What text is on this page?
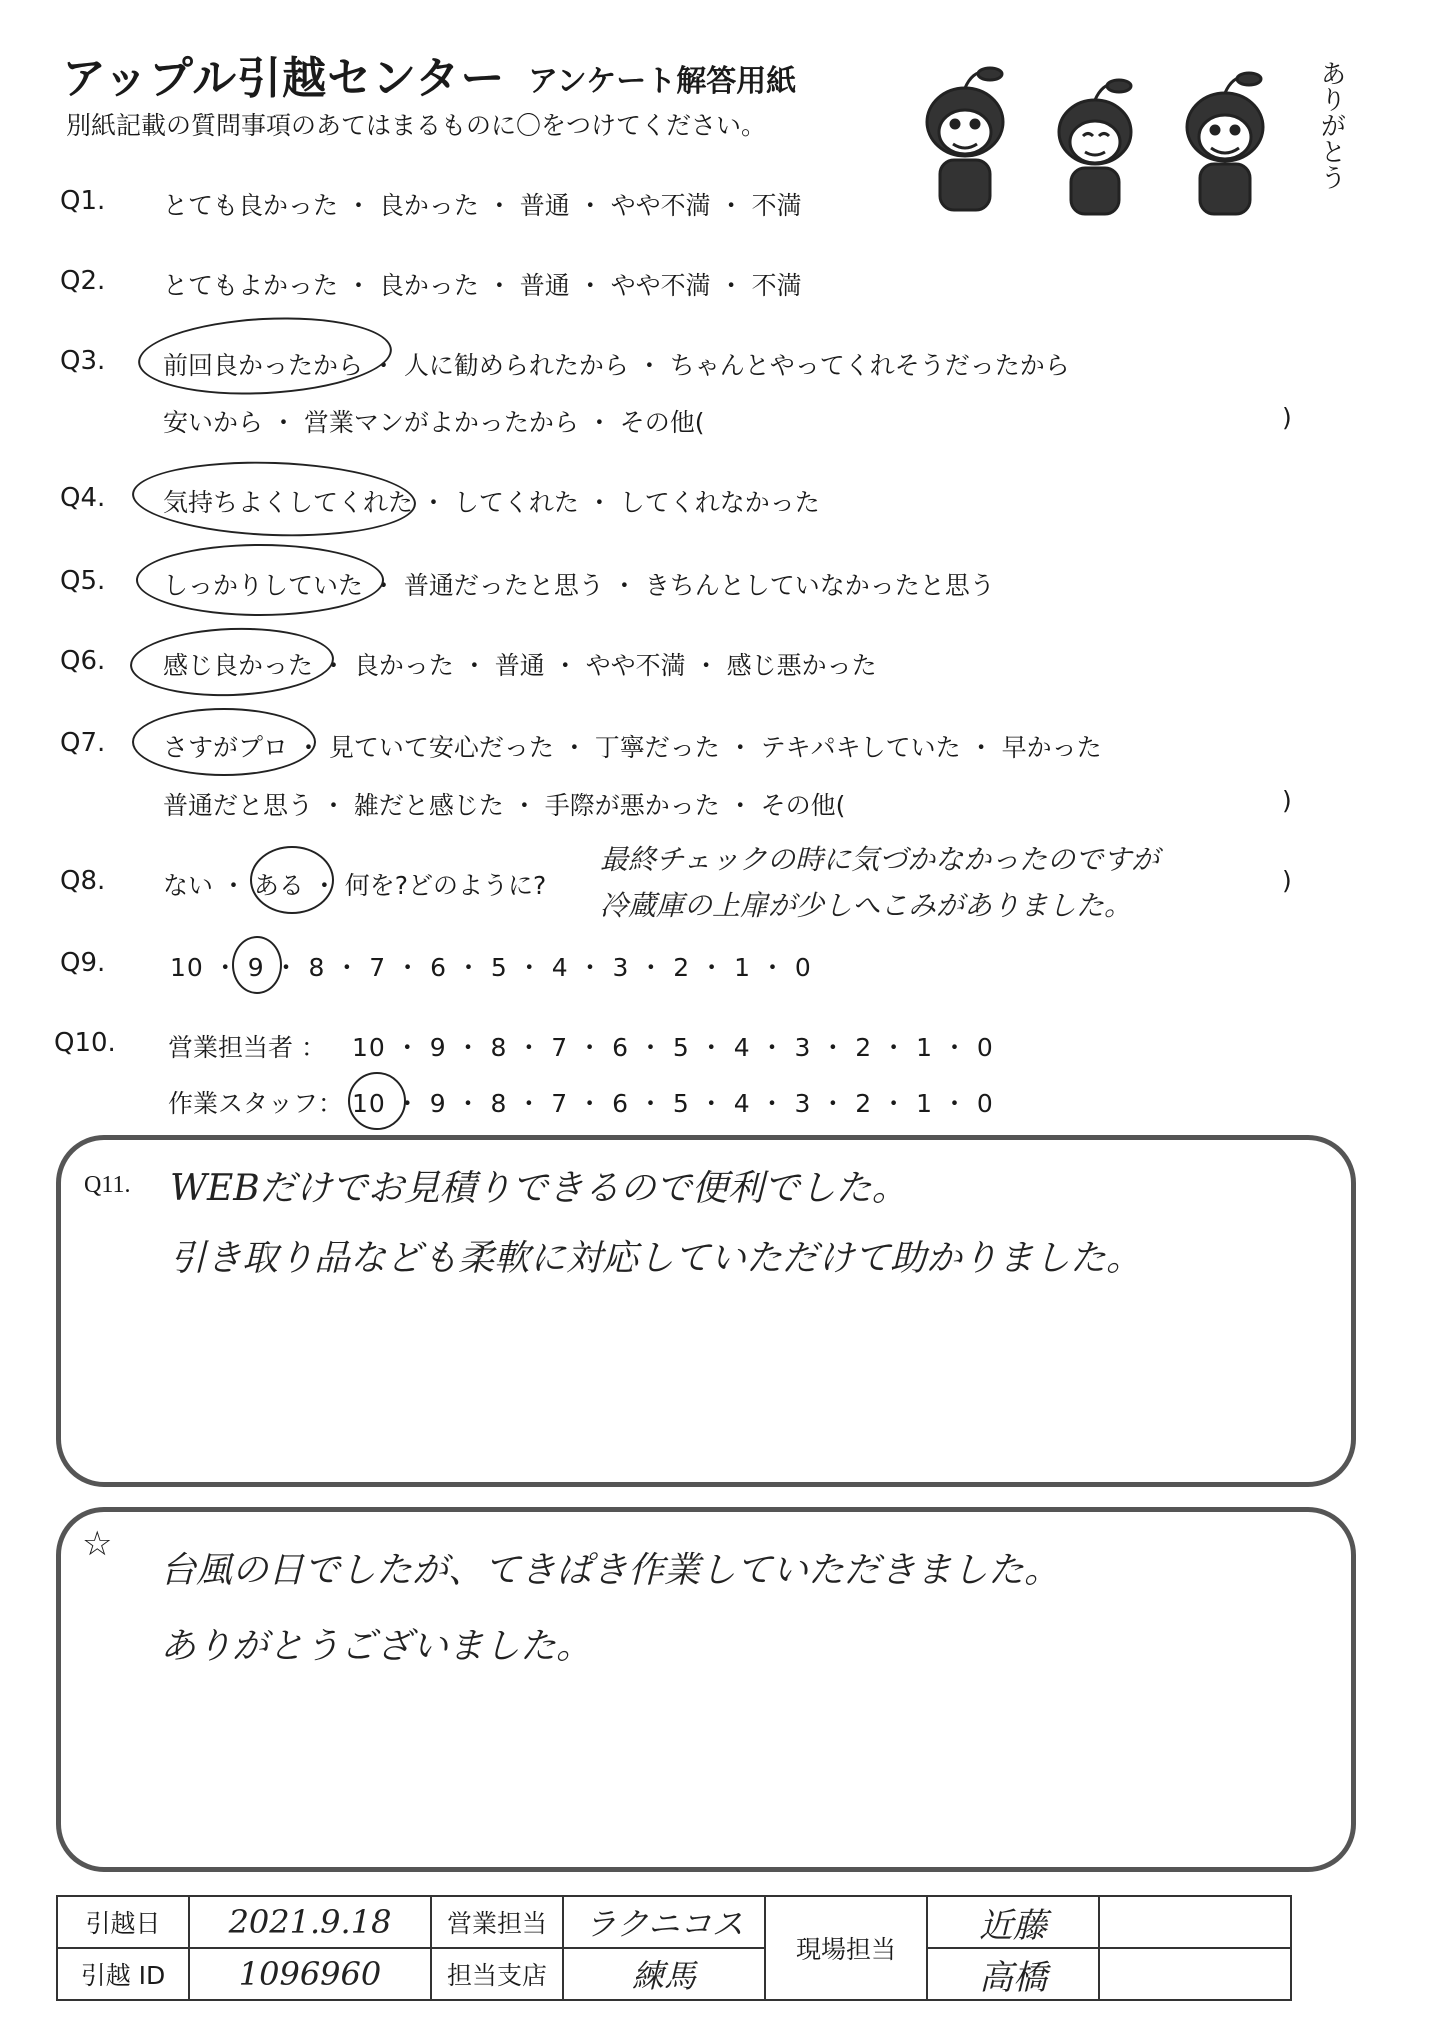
アップル引越センター アンケート解答用紙
別紙記載の質問事項のあてはまるものに〇をつけてください。	ありがとう
Q1. とても良かった ・ 良かった ・ 普通 ・ やや不満 ・ 不満
Q2. とてもよかった ・ 良かった ・ 普通 ・ やや不満 ・ 不満
Q3. 前回良かったから ・ 人に勧められたから ・ ちゃんとやってくれそうだったから
安いから ・ 営業マンがよかったから ・ その他(	)
Q4. 気持ちよくしてくれた ・ してくれた ・ してくれなかった
Q5. しっかりしていた ・ 普通だったと思う ・ きちんとしていなかったと思う
Q6. 感じ良かった ・ 良かった ・ 普通 ・ やや不満 ・ 感じ悪かった
Q7. さすがプロ ・ 見ていて安心だった ・ 丁寧だった ・ テキパキしていた ・ 早かった
普通だと思う ・ 雑だと感じた ・ 手際が悪かった ・ その他(	)
Q8. ない ・ ある ・ 何を?どのように?
最終チェックの時に気づかなかったのですが
冷蔵庫の上扉が少しへこみがありました。
)
Q9.	10 ・ 9 ・ 8 ・ 7 ・ 6 ・ 5 ・ 4 ・ 3 ・ 2 ・ 1 ・ 0
Q10. 営業担当者 ： 10 ・ 9 ・ 8 ・ 7 ・ 6 ・ 5 ・ 4 ・ 3 ・ 2 ・ 1 ・ 0
作業スタッフ： 10 ・ 9 ・ 8 ・ 7 ・ 6 ・ 5 ・ 4 ・ 3 ・ 2 ・ 1 ・ 0
Q11. WEBだけでお見積りできるので便利でした。
引き取り品なども柔軟に対応していただけて助かりました。
☆
台風の日でしたが、てきぱき作業していただきました。
ありがとうございました。
引越日	2021.9.18	営業担当	ラクニコス	現場担当	近藤	
引越 ID	1096960	担当支店	練馬		高橋	
